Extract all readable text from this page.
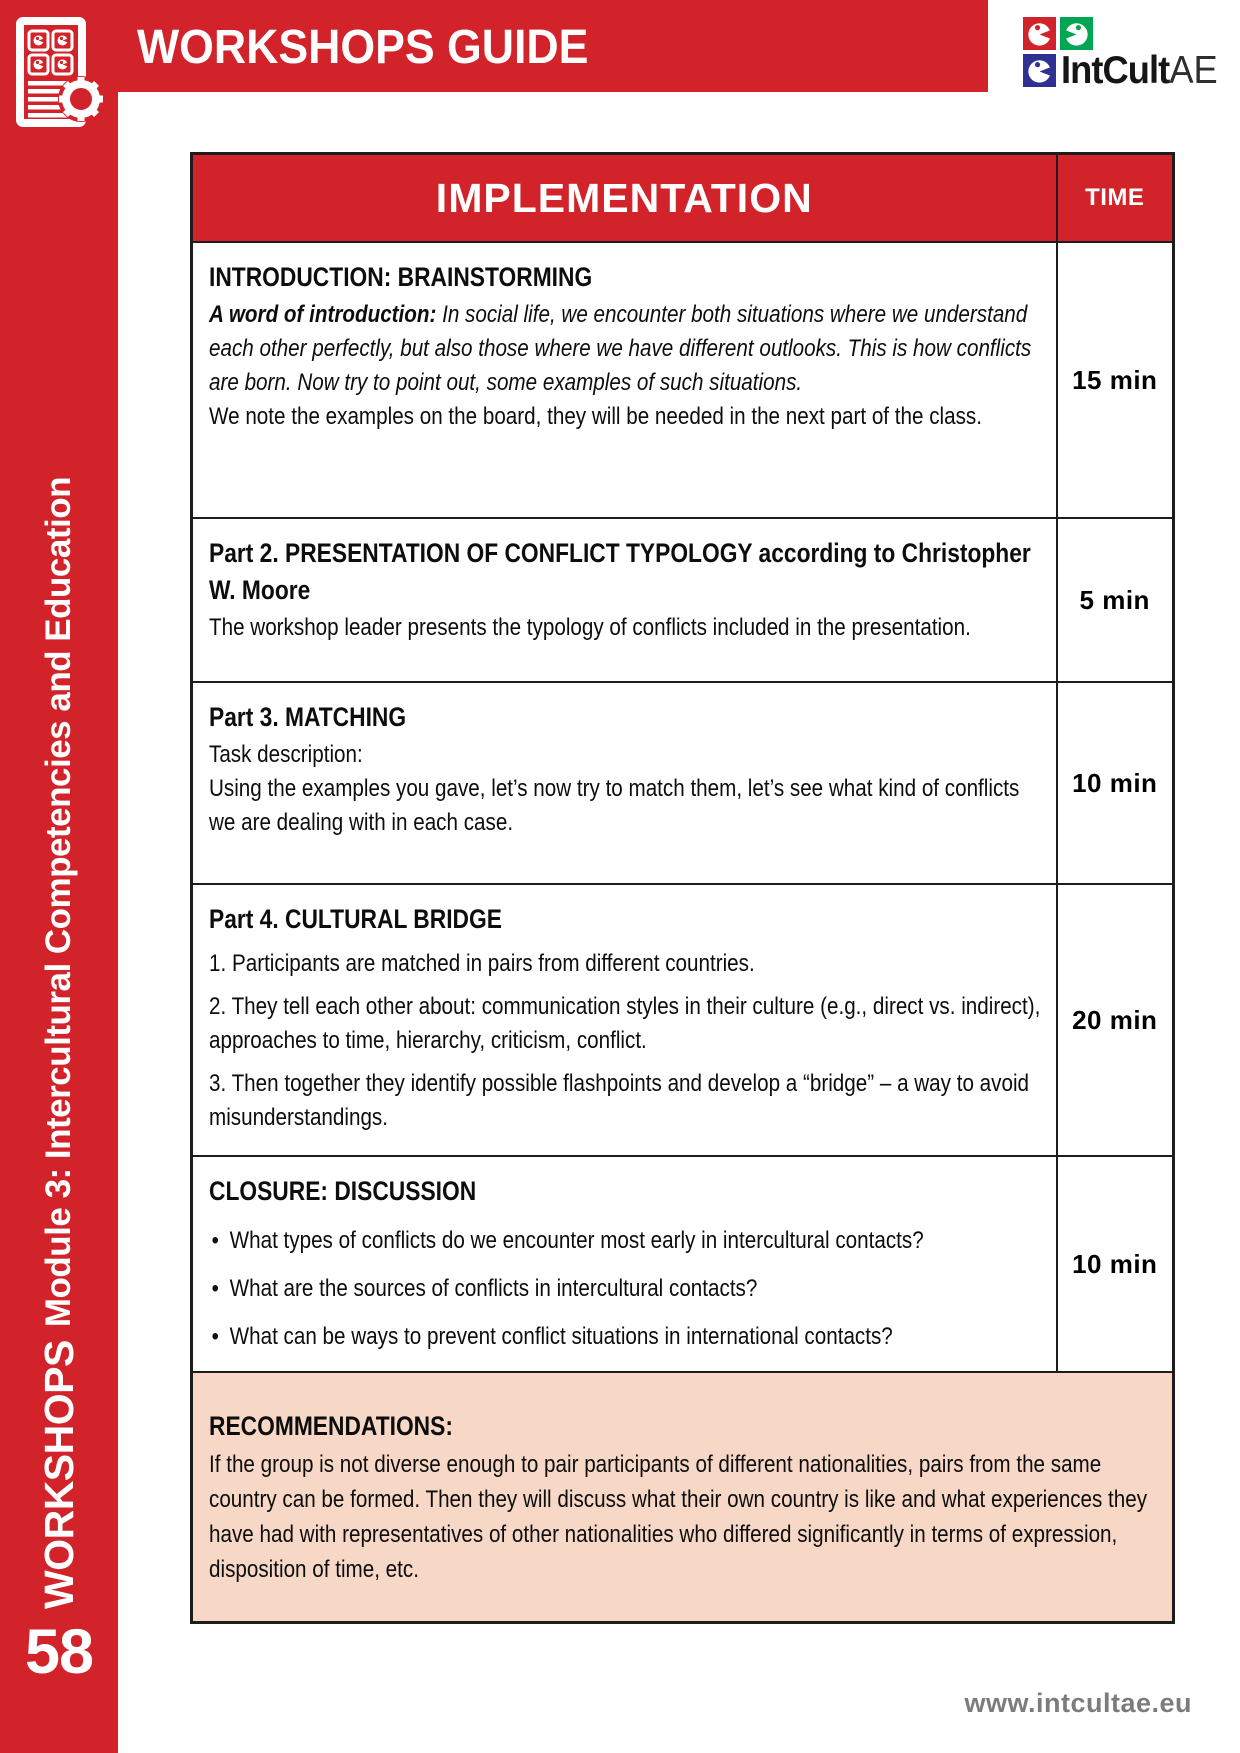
WORKSHOPS
Module 3: Intercultural Competencies and Education
58
WORKSHOPS GUIDE	IntCult AE
IMPLEMENTATION	TIME

INTRODUCTION: BRAINSTORMING

A word of introduction: In social life, we encounter both situations where we understand each other perfectly, but also those where we have different outlooks. This is how conflicts are born. Now try to point out, some examples of such situations.

We note the examples on the board, they will be needed in the next part of the class.	15 min

Part 2. PRESENTATION OF CONFLICT TYPOLOGY according to Christopher W. Moore

The workshop leader presents the typology of conflicts included in the presentation.	5 min

Part 3. MATCHING

Task description:

Using the examples you gave, let’s now try to match them, let’s see what kind of conflicts we are dealing with in each case.	10 min

Part 4. CULTURAL BRIDGE

1. Participants are matched in pairs from different countries.

2. They tell each other about: communication styles in their culture (e.g., direct vs. indirect), approaches to time, hierarchy, criticism, conflict.

3. Then together they identify possible flashpoints and develop a “bridge” – a way to avoid misunderstandings.	20 min

CLOSURE: DISCUSSION

• What types of conflicts do we encounter most early in intercultural contacts?

• What are the sources of conflicts in intercultural contacts?

• What can be ways to prevent conflict situations in international contacts?	10 min

RECOMMENDATIONS:

If the group is not diverse enough to pair participants of different nationalities, pairs from the same country can be formed. Then they will discuss what their own country is like and what experiences they have had with representatives of other nationalities who differed significantly in terms of expression, disposition of time, etc.	

www.intcultae.eu
